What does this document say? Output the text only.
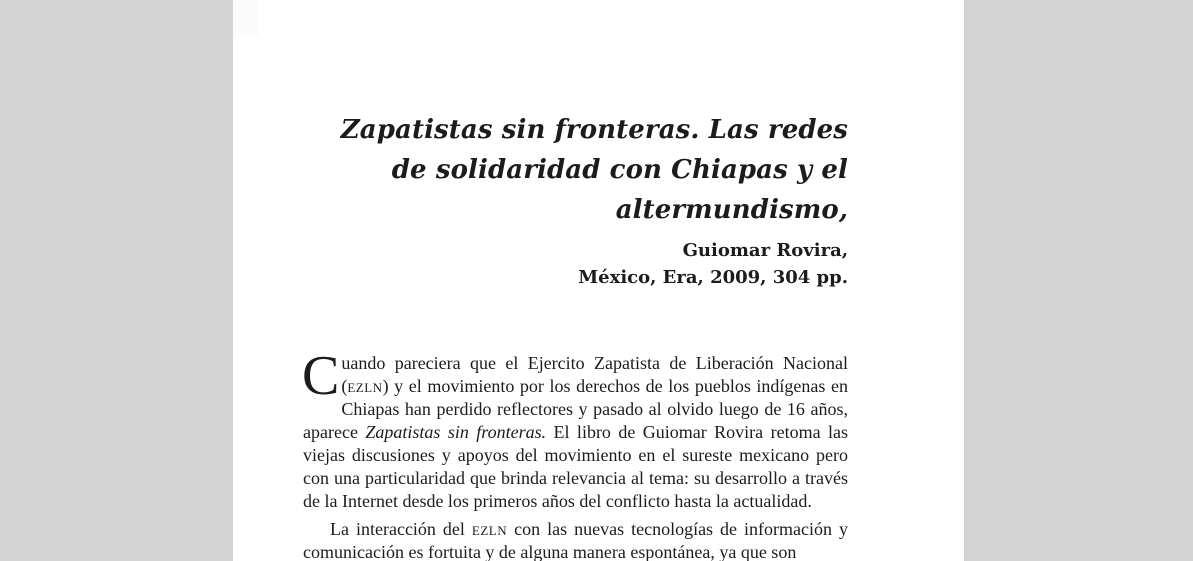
Zapatistas sin fronteras. Las redes
de solidaridad con Chiapas y el
altermundismo,

Guiomar Rovira,

México, Era, 2009, 304 pp.

Cuando pareciera que el Ejercito Zapatista de Liberación Nacional (ezln) y el movimiento por los derechos de los pueblos indígenas en Chiapas han perdido reflectores y pasado al olvido luego de 16 años, aparece Zapatistas sin fronteras. El libro de Guiomar Rovira retoma las viejas discusiones y apoyos del movimiento en el sureste mexicano pero con una particularidad que brinda relevancia al tema: su desarrollo a través de la Internet desde los primeros años del conflicto hasta la actualidad.

La interacción del ezln con las nuevas tecnologías de información y comunicación es fortuita y de alguna manera espontánea, ya que son
